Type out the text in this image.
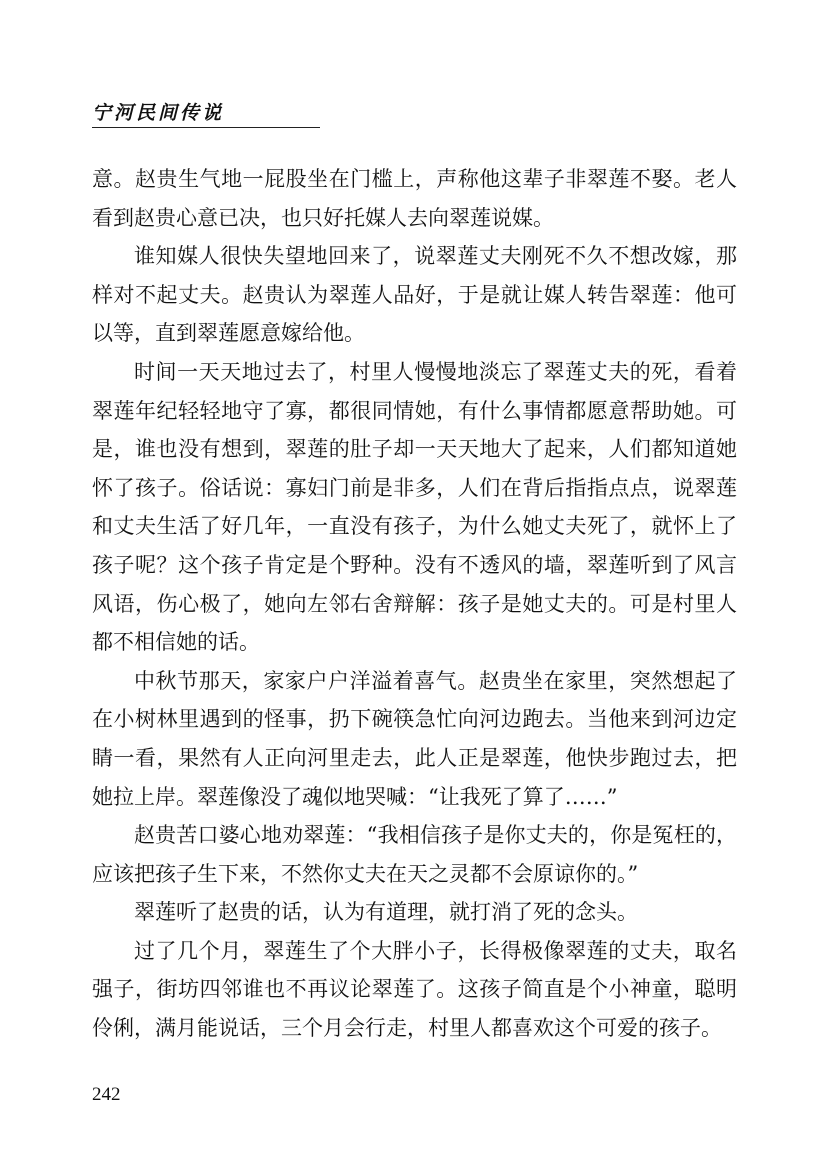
宁河民间传说

意。赵贵生气地一屁股坐在门槛上，声称他这辈子非翠莲不娶。老人看到赵贵心意已决，也只好托媒人去向翠莲说媒。

谁知媒人很快失望地回来了，说翠莲丈夫刚死不久不想改嫁，那样对不起丈夫。赵贵认为翠莲人品好，于是就让媒人转告翠莲：他可以等，直到翠莲愿意嫁给他。

时间一天天地过去了，村里人慢慢地淡忘了翠莲丈夫的死，看着翠莲年纪轻轻地守了寡，都很同情她，有什么事情都愿意帮助她。可是，谁也没有想到，翠莲的肚子却一天天地大了起来，人们都知道她怀了孩子。俗话说：寡妇门前是非多，人们在背后指指点点，说翠莲和丈夫生活了好几年，一直没有孩子，为什么她丈夫死了，就怀上了孩子呢？这个孩子肯定是个野种。没有不透风的墙，翠莲听到了风言风语，伤心极了，她向左邻右舍辩解：孩子是她丈夫的。可是村里人都不相信她的话。

中秋节那天，家家户户洋溢着喜气。赵贵坐在家里，突然想起了在小树林里遇到的怪事，扔下碗筷急忙向河边跑去。当他来到河边定睛一看，果然有人正向河里走去，此人正是翠莲，他快步跑过去，把她拉上岸。翠莲像没了魂似地哭喊：“让我死了算了……”

赵贵苦口婆心地劝翠莲：“我相信孩子是你丈夫的，你是冤枉的，应该把孩子生下来，不然你丈夫在天之灵都不会原谅你的。”

翠莲听了赵贵的话，认为有道理，就打消了死的念头。

过了几个月，翠莲生了个大胖小子，长得极像翠莲的丈夫，取名强子，街坊四邻谁也不再议论翠莲了。这孩子简直是个小神童，聪明伶俐，满月能说话，三个月会行走，村里人都喜欢这个可爱的孩子。

242
